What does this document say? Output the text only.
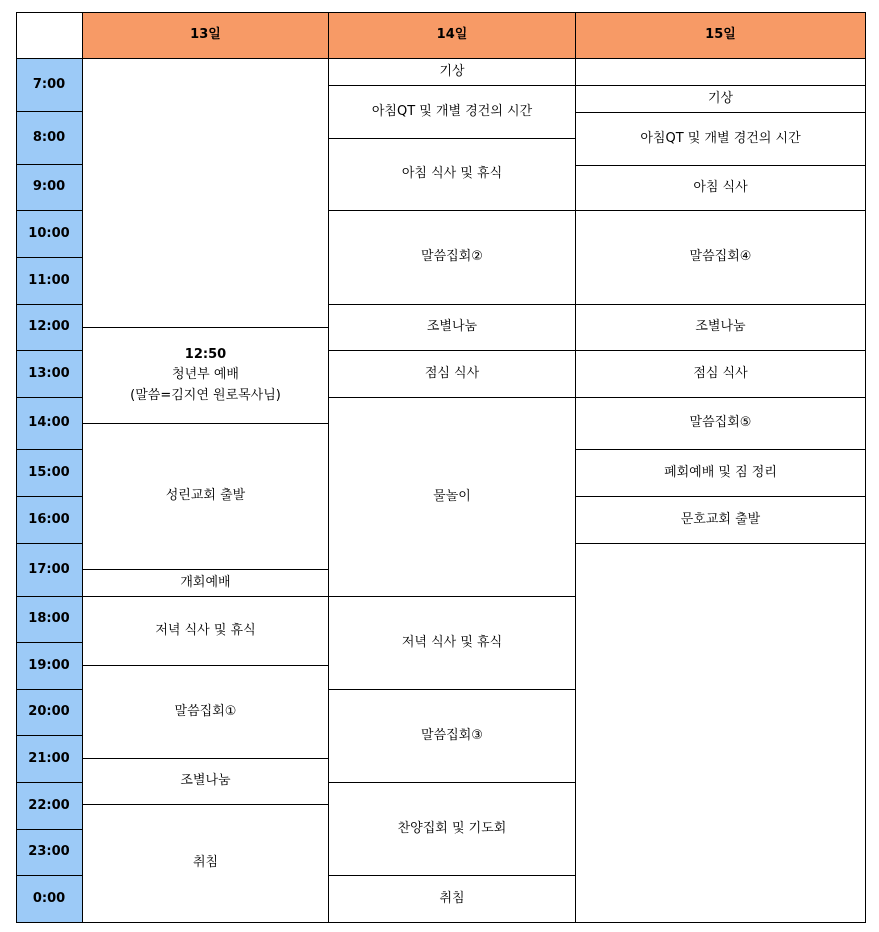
13일	14일	15일
7:00
8:00
9:00
10:00
11:00
12:00
13:00
14:00
15:00
16:00
17:00
18:00
19:00
20:00
21:00
22:00
23:00
0:00
12:50
청년부 예배
(말씀=김지연 원로목사님)
성린교회 출발
개회예배
저녁 식사 및 휴식
말씀집회①
조별나눔
취침
기상
아침QT 및 개별 경건의 시간
아침 식사 및 휴식
말씀집회②
조별나눔
점심 식사
물놀이
저녁 식사 및 휴식
말씀집회③
찬양집회 및 기도회
취침
기상
아침QT 및 개별 경건의 시간
아침 식사
말씀집회④
조별나눔
점심 식사
말씀집회⑤
폐회예배 및 짐 정리
문호교회 출발
